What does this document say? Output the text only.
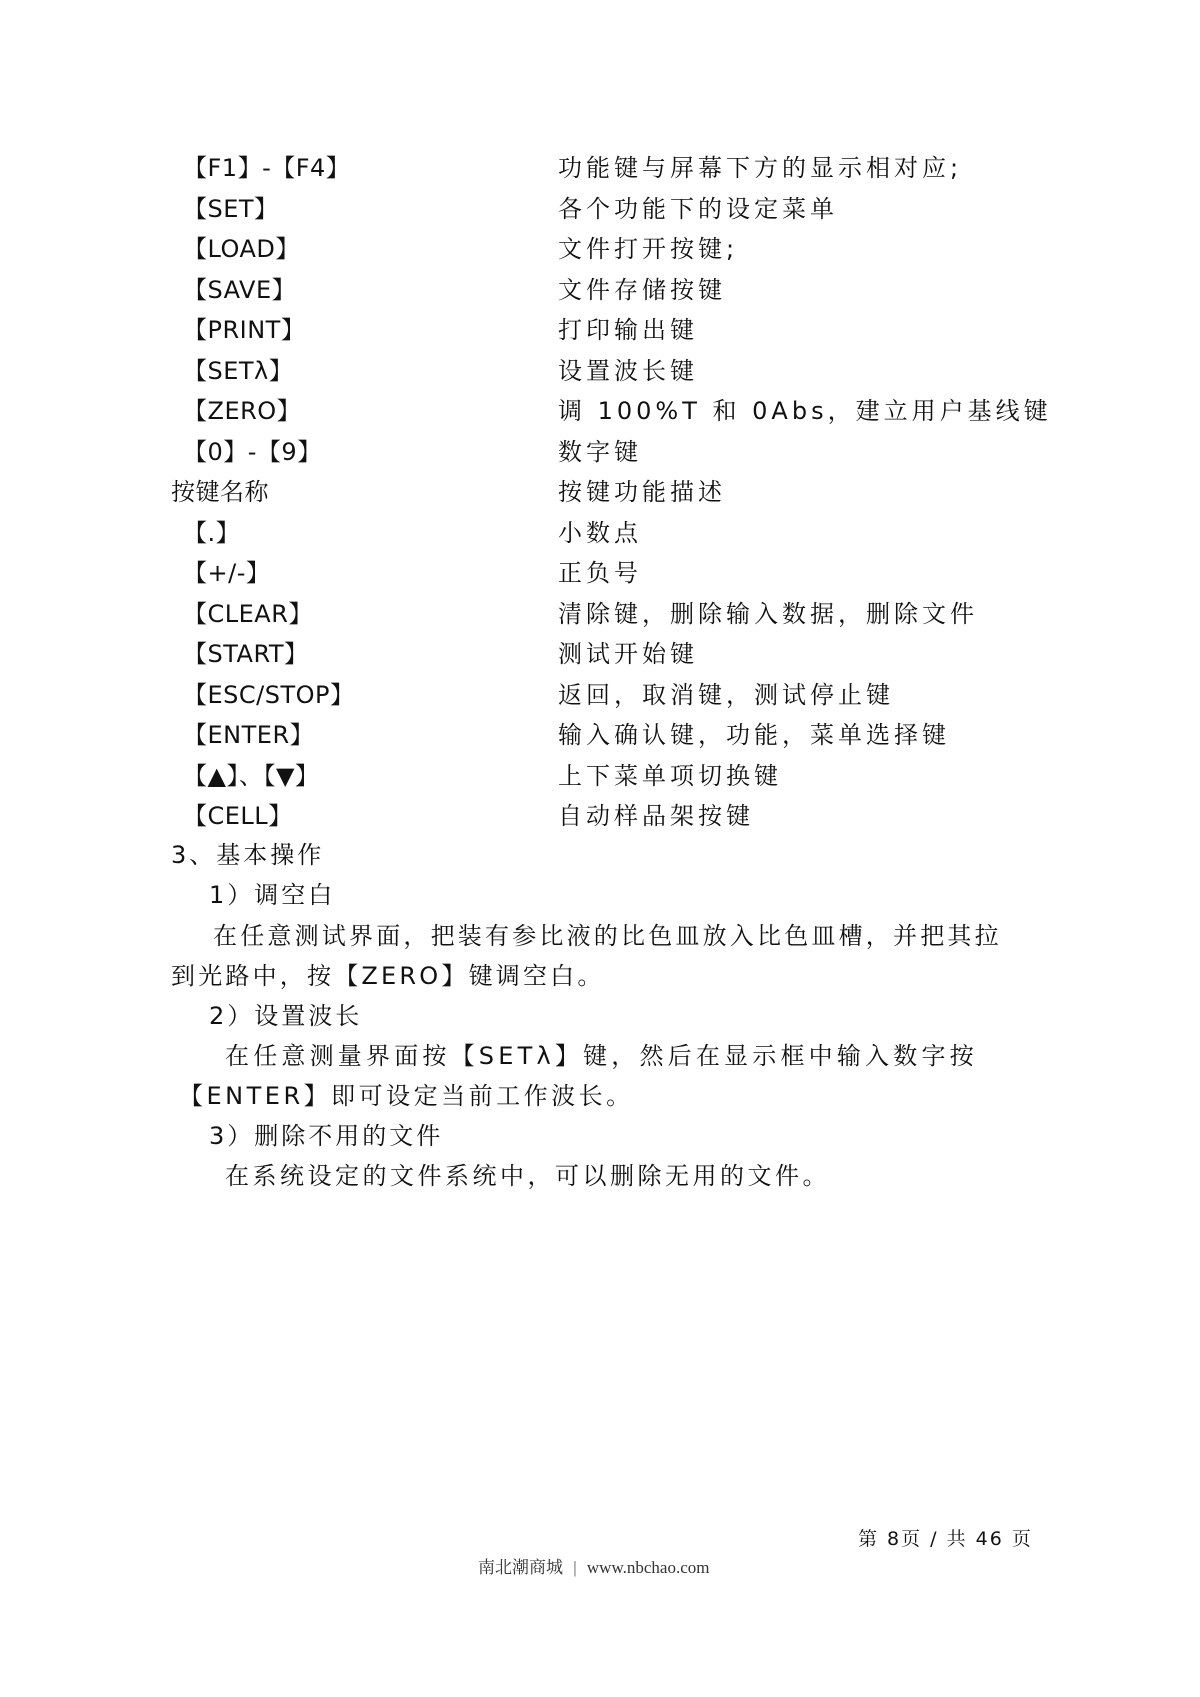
【F1】-【F4】	功能键与屏幕下方的显示相对应;
【SET】	各个功能下的设定菜单
【LOAD】	文件打开按键;
【SAVE】	文件存储按键
【PRINT】	打印输出键
【SETλ】	设置波长键
【ZERO】	调 100%T 和 0Abs，建立用户基线键
【0】-【9】	数字键
按键名称	按键功能描述
【.】	小数点
【+/-】	正负号
【CLEAR】	清除键，删除输入数据，删除文件
【START】	测试开始键
【ESC/STOP】	返回，取消键，测试停止键
【ENTER】	输入确认键，功能，菜单选择键
【▲】、【▼】	上下菜单项切换键
【CELL】	自动样品架按键
3、基本操作
1）调空白
在任意测试界面，把装有参比液的比色皿放入比色皿槽，并把其拉
到光路中，按【ZERO】键调空白。
2）设置波长
在任意测量界面按【SETλ】键，然后在显示框中输入数字按
【ENTER】即可设定当前工作波长。
3）删除不用的文件
在系统设定的文件系统中，可以删除无用的文件。
第 8页 / 共 46 页
南北潮商城 | www.nbchao.com
